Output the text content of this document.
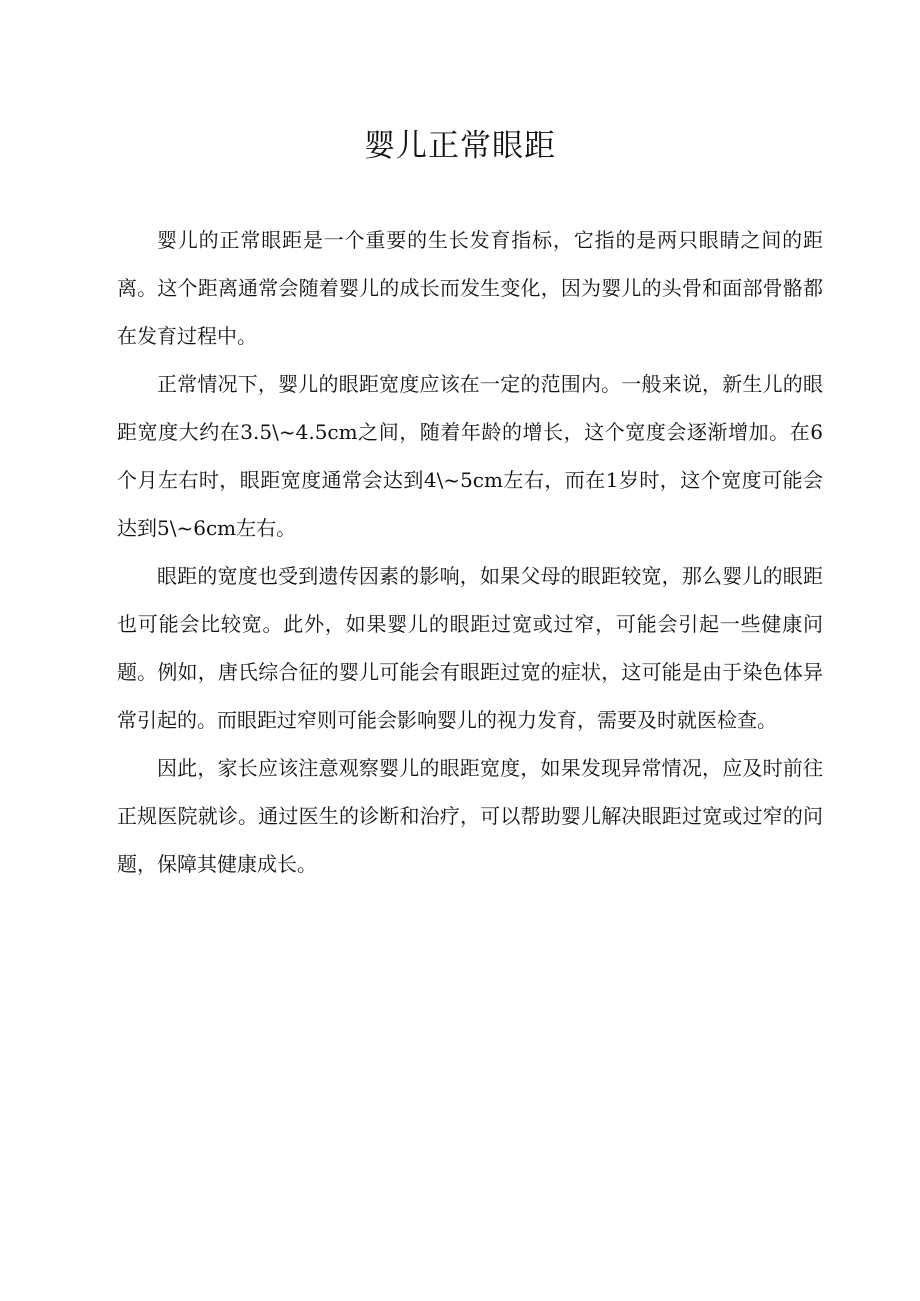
婴儿正常眼距

婴儿的正常眼距是一个重要的生长发育指标，它指的是两只眼睛之间的距离。这个距离通常会随着婴儿的成长而发生变化，因为婴儿的头骨和面部骨骼都在发育过程中。

正常情况下，婴儿的眼距宽度应该在一定的范围内。一般来说，新生儿的眼距宽度大约在3.5\~4.5cm之间，随着年龄的增长，这个宽度会逐渐增加。在6个月左右时，眼距宽度通常会达到4\~5cm左右，而在1岁时，这个宽度可能会达到5\~6cm左右。

眼距的宽度也受到遗传因素的影响，如果父母的眼距较宽，那么婴儿的眼距也可能会比较宽。此外，如果婴儿的眼距过宽或过窄，可能会引起一些健康问题。例如，唐氏综合征的婴儿可能会有眼距过宽的症状，这可能是由于染色体异常引起的。而眼距过窄则可能会影响婴儿的视力发育，需要及时就医检查。

因此，家长应该注意观察婴儿的眼距宽度，如果发现异常情况，应及时前往正规医院就诊。通过医生的诊断和治疗，可以帮助婴儿解决眼距过宽或过窄的问题，保障其健康成长。
